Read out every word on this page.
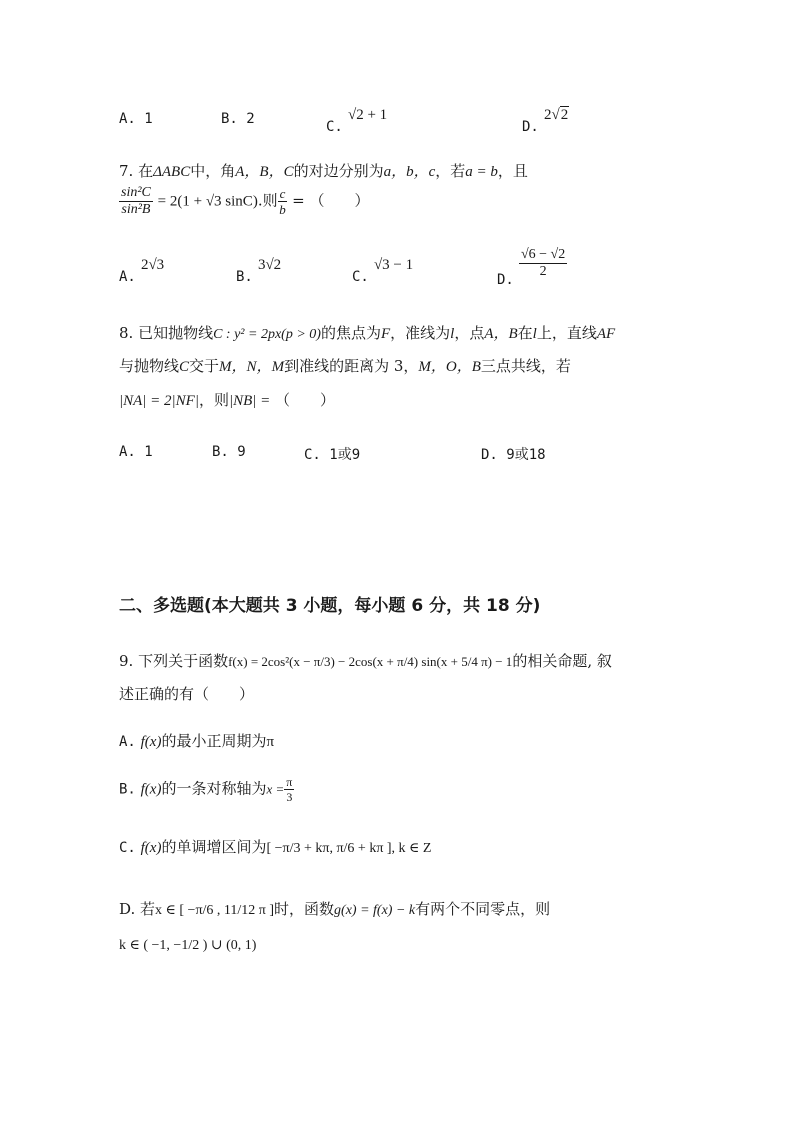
A. 1	B. 2	C. √2 + 1
D. 2√2
7. 在ΔABC中，角A，B，C的对边分别为a，b，c，若a = b，且
$\frac{\text{sin²C}}{\text{sin²B}} = 2(1 + √3$ sinC).则 $\frac{c}{b}$ = （　　）
A. 2√3
B. 3√2
C. √3 − 1
D.
$\frac{√6 - √2}{2}$
8. 已知抛物线C : y² = 2px(p > 0)的焦点为F，准线为l，点A，B在l上，直线AF
与抛物线C交于M，N，M到准线的距离为 3，M，O，B三点共线，若
|NA| = 2|NF|，则|NB| = （　　）
A. 1	B. 9	C. 1或9	D. 9或18
二、多选题(本大题共 3 小题，每小题 6 分，共 18 分)
9. 下列关于函数f(x) = 2cos²(x − π/3) − 2cos(x + π/4) sin(x + 5/4 π) − 1的相关命题, 叙
述正确的有（　　）
A. f(x)的最小正周期为π
B. f(x)的一条对称轴为$x = \frac{\pi}{3}$
C. f(x)的单调增区间为[ −π/3 + kπ, π/6 + kπ ], k ∈ Z
D. 若x ∈ [ −π/6 , 11/12 π ]时，函数g(x) = f(x) − k有两个不同零点，则
k ∈ ( −1, −1/2 ) ∪ (0, 1)
